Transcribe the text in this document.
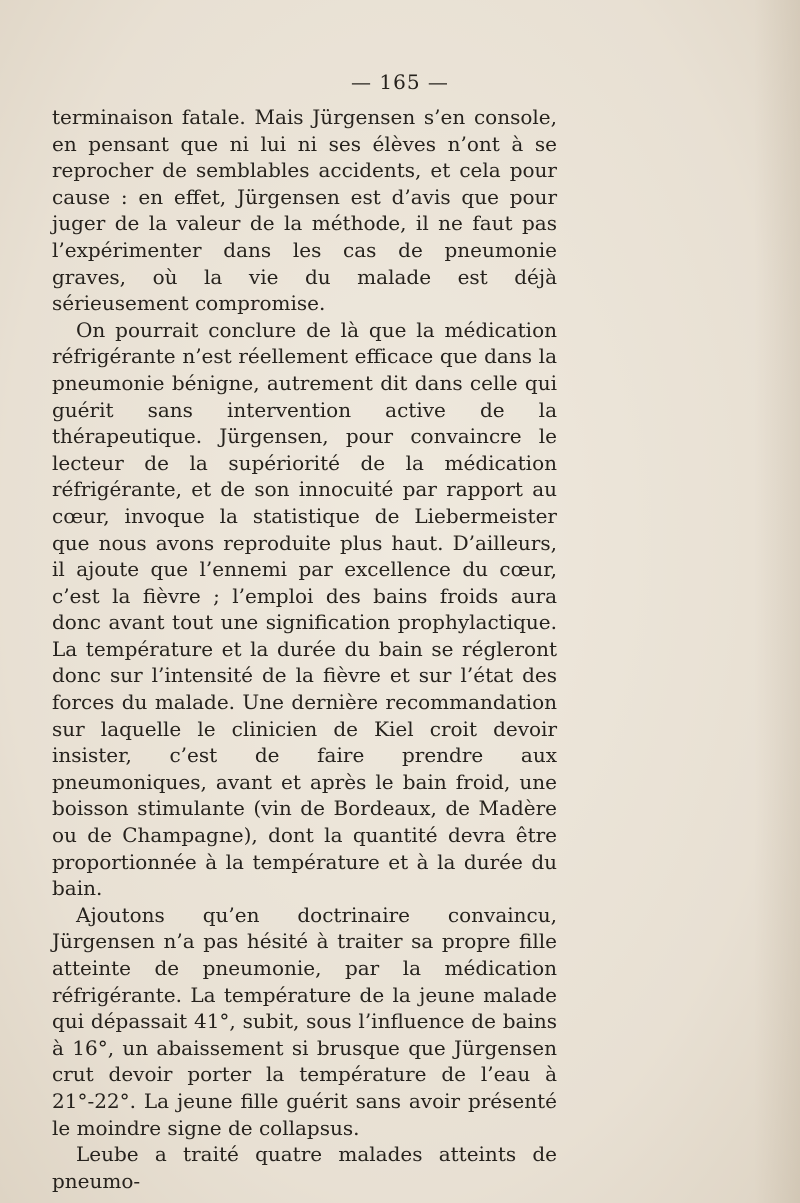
— 165 —

terminaison fatale. Mais Jürgensen s’en console, en pensant que ni lui ni ses élèves n’ont à se reprocher de semblables accidents, et cela pour cause : en effet, Jürgensen est d’avis que pour juger de la valeur de la méthode, il ne faut pas l’expérimenter dans les cas de pneumonie graves, où la vie du malade est déjà sérieusement compromise.

On pourrait conclure de là que la médication réfrigérante n’est réellement efficace que dans la pneumonie bénigne, autrement dit dans celle qui guérit sans intervention active de la thérapeutique. Jürgensen, pour convaincre le lecteur de la supériorité de la médication réfrigérante, et de son innocuité par rapport au cœur, invoque la statistique de Liebermeister que nous avons reproduite plus haut. D’ailleurs, il ajoute que l’ennemi par excellence du cœur, c’est la fièvre ; l’emploi des bains froids aura donc avant tout une signification prophylactique. La température et la durée du bain se régleront donc sur l’intensité de la fièvre et sur l’état des forces du malade. Une dernière recommandation sur laquelle le clinicien de Kiel croit devoir insister, c’est de faire prendre aux pneumoniques, avant et après le bain froid, une boisson stimulante (vin de Bordeaux, de Madère ou de Champagne), dont la quantité devra être proportionnée à la température et à la durée du bain.

Ajoutons qu’en doctrinaire convaincu, Jürgensen n’a pas hésité à traiter sa propre fille atteinte de pneumonie, par la médication réfrigérante. La température de la jeune malade qui dépassait 41°, subit, sous l’influence de bains à 16°, un abaissement si brusque que Jürgensen crut devoir porter la température de l’eau à 21°-22°. La jeune fille guérit sans avoir présenté le moindre signe de collapsus.

Leube a traité quatre malades atteints de pneumo-
